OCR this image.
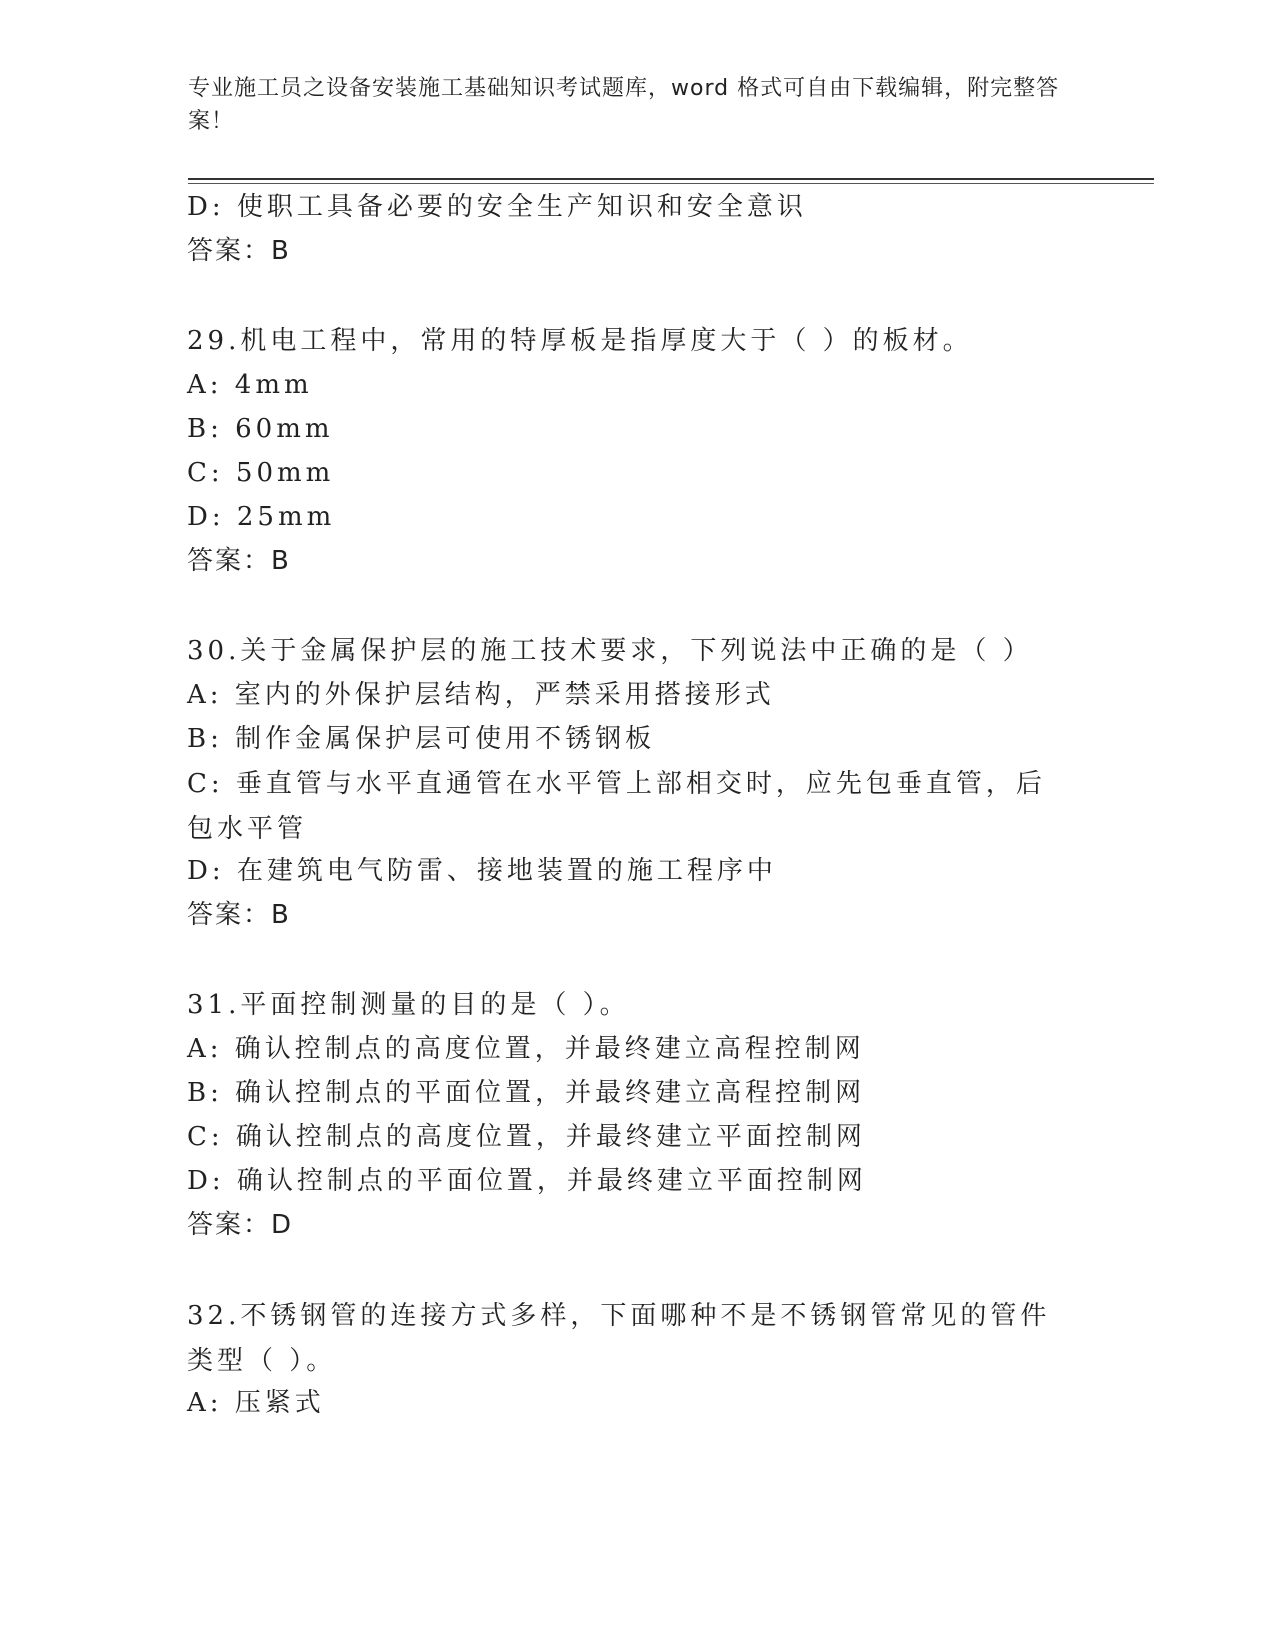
专业施工员之设备安装施工基础知识考试题库，word 格式可自由下载编辑，附完整答案！
D: 使职工具备必要的安全生产知识和安全意识
答案：B
29.机电工程中，常用的特厚板是指厚度大于（ ）的板材。
A: 4mm
B: 60mm
C: 50mm
D: 25mm
答案：B
30.关于金属保护层的施工技术要求，下列说法中正确的是（ ）
A: 室内的外保护层结构，严禁采用搭接形式
B: 制作金属保护层可使用不锈钢板
C: 垂直管与水平直通管在水平管上部相交时，应先包垂直管，后包水平管
D: 在建筑电气防雷、接地装置的施工程序中
答案：B
31.平面控制测量的目的是（ ）。
A: 确认控制点的高度位置，并最终建立高程控制网
B: 确认控制点的平面位置，并最终建立高程控制网
C: 确认控制点的高度位置，并最终建立平面控制网
D: 确认控制点的平面位置，并最终建立平面控制网
答案：D
32.不锈钢管的连接方式多样，下面哪种不是不锈钢管常见的管件类型（ ）。
A: 压紧式
